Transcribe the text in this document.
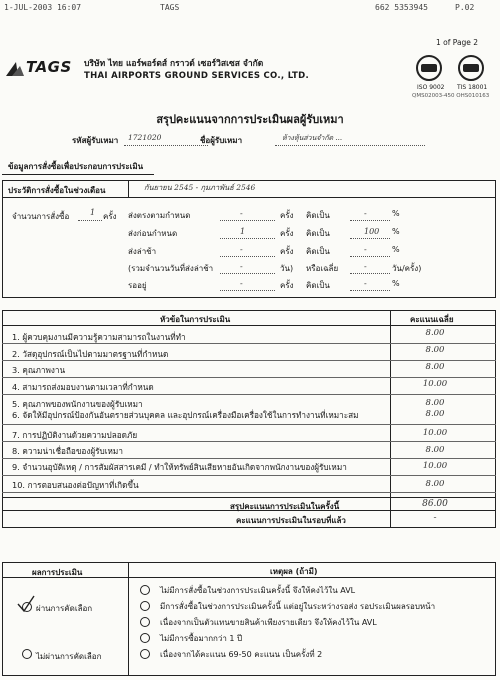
1-JUL-2003 16:07	TAGS	662 5353945	P.02
1 of Page 2
TAGS บริษัท ไทย แอร์พอร์ตส์ กราวด์ เซอร์วิสเซส จำกัด
THAI AIRPORTS GROUND SERVICES CO., LTD.
ISO 9002 TIS 18001
QMS02003-450 OHS010163
สรุปคะแนนจากการประเมินผลผู้รับเหมา
รหัสผู้รับเหมา 1721020	ชื่อผู้รับเหมา	ห้างหุ้นส่วนจำกัด ...
ข้อมูลการสั่งซื้อเพื่อประกอบการประเมิน
ประวัติการสั่งซื้อในช่วงเดือน	กันยายน 2545 - กุมภาพันธ์ 2546
จำนวนการสั่งซื้อ	1 ครั้ง ส่งตรงตามกำหนด	-	ครั้ง คิดเป็น	-	%
ส่งก่อนกำหนด	1	ครั้ง คิดเป็น	100 %
ส่งล่าช้า	-	ครั้ง คิดเป็น	-	%
(รวมจำนวนวันที่ส่งล่าช้า	-	วัน) หรือเฉลี่ย	-	วัน/ครั้ง)
รออยู่	-	ครั้ง คิดเป็น	-	%
หัวข้อในการประเมิน	คะแนนเฉลี่ย
1. ผู้ควบคุมงานมีความรู้ความสามารถในงานที่ทำ	8.00
2. วัสดุอุปกรณ์เป็นไปตามมาตรฐานที่กำหนด	8.00
3. คุณภาพงาน	8.00
4. สามารถส่งมอบงานตามเวลาที่กำหนด	10.00
5. คุณภาพของพนักงานของผู้รับเหมา	8.00
6. จัดให้มีอุปกรณ์ป้องกันอันตรายส่วนบุคคล และอุปกรณ์เครื่องมือเครื่องใช้ในการทำงานที่เหมาะสม	8.00
7. การปฏิบัติงานด้วยความปลอดภัย	10.00
8. ความน่าเชื่อถือของผู้รับเหมา	8.00
9. จำนวนอุบัติเหตุ / การสัมผัสสารเคมี / ทำให้ทรัพย์สินเสียหายอันเกิดจากพนักงานของผู้รับเหมา	10.00
10. การตอบสนองต่อปัญหาที่เกิดขึ้น	8.00
สรุปคะแนนการประเมินในครั้งนี้	86.00
คะแนนการประเมินในรอบที่แล้ว	-
ผลการประเมิน	เหตุผล (ถ้ามี)
ผ่านการคัดเลือก
ไม่ผ่านการคัดเลือก
ไม่มีการสั่งซื้อในช่วงการประเมินครั้งนี้ จึงให้คงไว้ใน AVL
มีการสั่งซื้อในช่วงการประเมินครั้งนี้ แต่อยู่ในระหว่างรอส่ง รอประเมินผลรอบหน้า
เนื่องจากเป็นตัวแทนขายสินค้าเพียงรายเดียว จึงให้คงไว้ใน AVL
ไม่มีการซื้อมากกว่า 1 ปี
เนื่องจากได้คะแนน 69-50 คะแนน เป็นครั้งที่ 2
